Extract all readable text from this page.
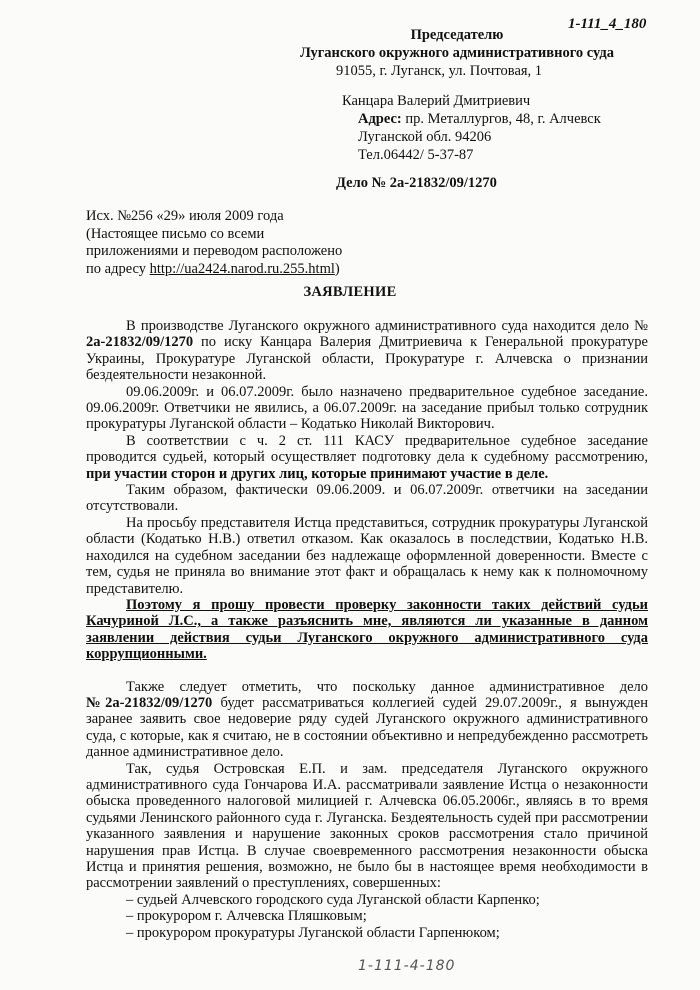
1-111_4_180
Председателю
Луганского окружного административного суда
91055, г. Луганск, ул. Почтовая, 1
Канцара Валерий Дмитриевич
Адрес: пр. Металлургов, 48, г. Алчевск
Луганской обл. 94206
Тел.06442/ 5-37-87
Дело № 2а-21832/09/1270
Исх. №256 «29» июля 2009 года
(Настоящее письмо со всеми
приложениями и переводом расположено
по адресу http://ua2424.narod.ru.255.html)
ЗАЯВЛЕНИЕ

В производстве Луганского окружного административного суда находится дело № 2а-21832/09/1270 по иску Канцара Валерия Дмитриевича к Генеральной прокуратуре Украины, Прокуратуре Луганской области, Прокуратуре г. Алчевска о признании бездеятельности незаконной.

09.06.2009г. и 06.07.2009г. было назначено предварительное судебное заседание. 09.06.2009г. Ответчики не явились, а 06.07.2009г. на заседание прибыл только сотрудник прокуратуры Луганской области – Кодатько Николай Викторович.

В соответствии с ч. 2 ст. 111 КАСУ предварительное судебное заседание проводится судьей, который осуществляет подготовку дела к судебному рассмотрению, при участии сторон и других лиц, которые принимают участие в деле.

Таким образом, фактически 09.06.2009. и 06.07.2009г. ответчики на заседании отсутствовали.

На просьбу представителя Истца представиться, сотрудник прокуратуры Луганской области (Кодатько Н.В.) ответил отказом. Как оказалось в последствии, Кодатько Н.В. находился на судебном заседании без надлежаще оформленной доверенности. Вместе с тем, судья не приняла во внимание этот факт и обращалась к нему как к полномочному представителю.

Поэтому я прошу провести проверку законности таких действий судьи Качуриной Л.С., а также разъяснить мне, являются ли указанные в данном заявлении действия судьи Луганского окружного административного суда коррупционными.

Также следует отметить, что поскольку данное административное дело №2а-21832/09/1270 будет рассматриваться коллегией судей 29.07.2009г., я вынужден заранее заявить свое недоверие ряду судей Луганского окружного административного суда, с которые, как я считаю, не в состоянии объективно и непредубежденно рассмотреть данное административное дело.

Так, судья Островская Е.П. и зам. председателя Луганского окружного административного суда Гончарова И.А. рассматривали заявление Истца о незаконности обыска проведенного налоговой милицией г. Алчевска 06.05.2006г., являясь в то время судьями Ленинского районного суда г. Луганска. Бездеятельность судей при рассмотрении указанного заявления и нарушение законных сроков рассмотрения стало причиной нарушения прав Истца. В случае своевременного рассмотрения незаконности обыска Истца и принятия решения, возможно, не было бы в настоящее время необходимости в рассмотрении заявлений о преступлениях, совершенных:

– судьей Алчевского городского суда Луганской области Карпенко;
– прокурором г. Алчевска Пляшковым;
– прокурором прокуратуры Луганской области Гарпенюком;
1-111-4-180
